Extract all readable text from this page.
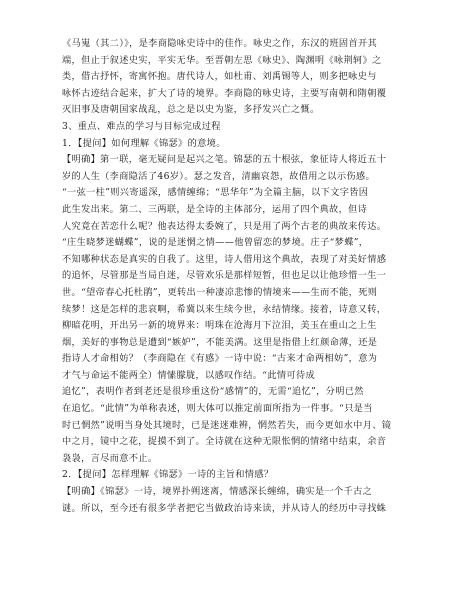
《马嵬（其二）》，是李商隐咏史诗中的佳作。咏史之作，东汉的班固首开其
端，但止于叙述史实，平实无华。至晋朝左思《咏史》、陶渊明《咏荆轲》之
类，借古抒怀，寄寓怀抱。唐代诗人，如杜甫、刘禹锡等人，则多把咏史与
咏怀古迹结合起来，扩大了诗的境界。李商隐的咏史诗，主要写南朝和隋朝覆
灭旧事及唐朝国家战乱，总之是以史为鉴，多抒发兴亡之慨。
3、重点、难点的学习与目标完成过程
1．【提问】如何理解《锦瑟》的意境。
【明确】第一联，毫无疑问是起兴之笔。锦瑟的五十根弦，象征诗人将近五十
岁的人生（李商隐活了46岁）。瑟之发音，清幽哀怨，故借用之以示伤感。
“一弦一柱”则兴寄遥深，感情缠绵；“思华年”为全篇主脑，以下文字皆因
此生发出来。第二、三两联，是全诗的主体部分，运用了四个典故，但诗
人究竟在苦恋什么呢？他表达得太委婉了，只是用了两个古老的典故来传达。
“庄生晓梦迷蝴蝶”，说的是迷惘之情——他曾留恋的梦境。庄子“梦蝶”，
不知哪种状态是真实的自我了。这里，诗人借用这个典故，表现了对美好情感
的追怀，尽管那是当局自迷，尽管欢乐是那样短暂，但也足以让他珍惜一生一
世。“望帝春心托杜鹃”，更转出一种凄凉悲惨的情境来——生而不能，死则
续梦！这是怎样的悲哀啊，希冀以来生续今世，永结情缘。接着，诗意又转，
柳暗花明，开出另一新的境界来：明珠在沧海月下泣泪，美玉在重山之上生
烟，美好的事物总是遭到“嫉妒”，不能美满。这里是指借上红颜命薄，还是
指诗人才命相妨？（李商隐在《有感》一诗中说：“古来才命两相妨”，意为
才气与命运不能两全）情愫朦胧，以感叹作结。“此情可待成
追忆”，表明作者到老还是很珍重这份“感情”的，无需“追忆”，分明已然
在追忆。“此情”为单称表述，则大体可以推定前面所指为一件事。“只是当
时已惘然”说明当身处其境时，已是迷迷难辨，惘然若失，而今更如水中月、镜
中之月，镜中之花，捉摸不到了。全诗就在这种无限怅惘的情绪中结束，余音
袅袅，言尽而意不止。
2．【提问】怎样理解《锦瑟》一诗的主旨和情感？
【明确】《锦瑟》一诗，境界扑朔迷离，情感深长缠绵，确实是一个千古之
谜。所以，至今还有很多学者把它当做政治诗来读，并从诗人的经历中寻找蛛
